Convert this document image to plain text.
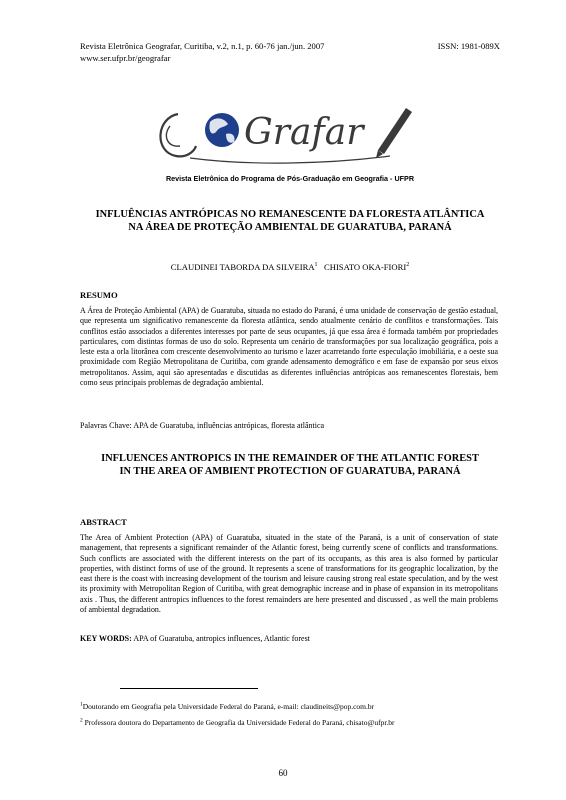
Revista Eletrônica Geografar, Curitiba, v.2, n.1, p. 60-76 jan./jun. 2007
www.ser.ufpr.br/geografar
ISSN: 1981-089X
Grafar
Revista Eletrônica do Programa de Pós-Graduação em Geografia - UFPR
INFLUÊNCIAS ANTRÓPICAS NO REMANESCENTE DA FLORESTA ATLÂNTICA NA ÁREA DE PROTEÇÃO AMBIENTAL DE GUARATUBA, PARANÁ
CLAUDINEI TABORDA DA SILVEIRA$^1$ CHISATO OKA-FIORI$^2$
RESUMO
A Área de Proteção Ambiental (APA) de Guaratuba, situada no estado do Paraná, é uma unidade de conservação de gestão estadual, que representa um significativo remanescente da floresta atlântica, sendo atualmente cenário de conflitos e transformações. Tais conflitos estão associados a diferentes interesses por parte de seus ocupantes, já que essa área é formada também por propriedades particulares, com distintas formas de uso do solo. Representa um cenário de transformações por sua localização geográfica, pois a leste esta a orla litorânea com crescente desenvolvimento ao turismo e lazer acarretando forte especulação imobiliária, e a oeste sua proximidade com Região Metropolitana de Curitiba, com grande adensamento demográfico e em fase de expansão por seus eixos metropolitanos. Assim, aqui são apresentadas e discutidas as diferentes influências antrópicas aos remanescentes florestais, bem como seus principais problemas de degradação ambiental.
Palavras Chave: APA de Guaratuba, influências antrópicas, floresta atlântica
INFLUENCES ANTROPICS IN THE REMAINDER OF THE ATLANTIC FOREST IN THE AREA OF AMBIENT PROTECTION OF GUARATUBA, PARANÁ
ABSTRACT
The Area of Ambient Protection (APA) of Guaratuba, situated in the state of the Paraná, is a unit of conservation of state management, that represents a significant remainder of the Atlantic forest, being currently scene of conflicts and transformations. Such conflicts are associated with the different interests on the part of its occupants, as this area is also formed by particular properties, with distinct forms of use of the ground. It represents a scene of transformations for its geographic localization, by the east there is the coast with increasing development of the tourism and leisure causing strong real estate speculation, and by the west its proximity with Metropolitan Region of Curitiba, with great demographic increase and in phase of expansion in its metropolitans axis . Thus, the different antropics influences to the forest remainders are here presented and discussed , as well the main problems of ambiental degradation.
KEY WORDS: APA of Guaratuba, antropics influences, Atlantic forest
$^1$Doutorando em Geografia pela Universidade Federal do Paraná, e-mail: claudineits@pop.com.br
$^2$ Professora doutora do Departamento de Geografia da Universidade Federal do Paraná, chisato@ufpr.br
60
